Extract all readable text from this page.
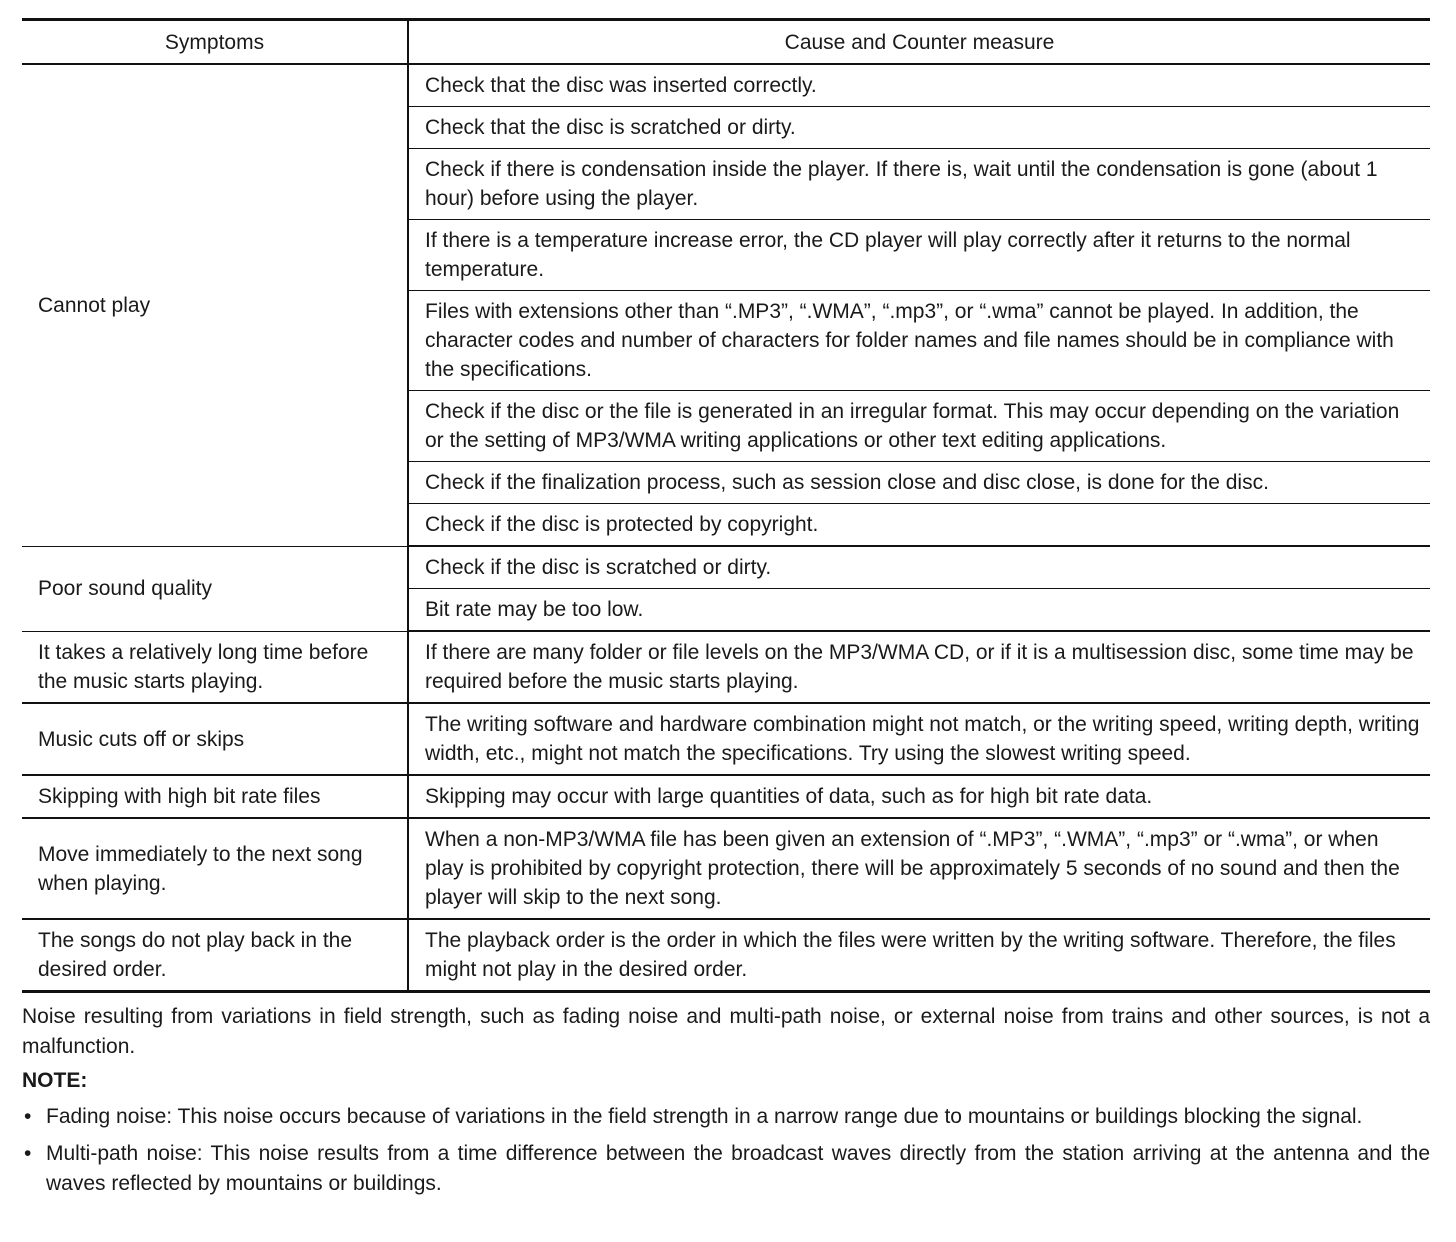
Symptoms	Cause and Counter measure
Cannot play	Check that the disc was inserted correctly.
	Check that the disc is scratched or dirty.
	Check if there is condensation inside the player. If there is, wait until the condensation is gone (about 1 hour) before using the player.
	If there is a temperature increase error, the CD player will play correctly after it returns to the normal temperature.
	Files with extensions other than “.MP3”, “.WMA”, “.mp3”, or “.wma” cannot be played. In addition, the character codes and number of characters for folder names and file names should be in compliance with the specifications.
	Check if the disc or the file is generated in an irregular format. This may occur depending on the variation or the setting of MP3/WMA writing applications or other text editing applications.
	Check if the finalization process, such as session close and disc close, is done for the disc.
	Check if the disc is protected by copyright.
Poor sound quality	Check if the disc is scratched or dirty.
	Bit rate may be too low.
It takes a relatively long time before the music starts playing.	If there are many folder or file levels on the MP3/WMA CD, or if it is a multisession disc, some time may be required before the music starts playing.
Music cuts off or skips	The writing software and hardware combination might not match, or the writing speed, writing depth, writing width, etc., might not match the specifications. Try using the slowest writing speed.
Skipping with high bit rate files	Skipping may occur with large quantities of data, such as for high bit rate data.
Move immediately to the next song when playing.	When a non-MP3/WMA file has been given an extension of “.MP3”, “.WMA”, “.mp3” or “.wma”, or when play is prohibited by copyright protection, there will be approximately 5 seconds of no sound and then the player will skip to the next song.
The songs do not play back in the desired order.	The playback order is the order in which the files were written by the writing software. Therefore, the files might not play in the desired order.

Noise resulting from variations in field strength, such as fading noise and multi-path noise, or external noise from trains and other sources, is not a malfunction.

NOTE:

• Fading noise: This noise occurs because of variations in the field strength in a narrow range due to mountains or buildings blocking the signal.
• Multi-path noise: This noise results from a time difference between the broadcast waves directly from the station arriving at the antenna and the waves reflected by mountains or buildings.
